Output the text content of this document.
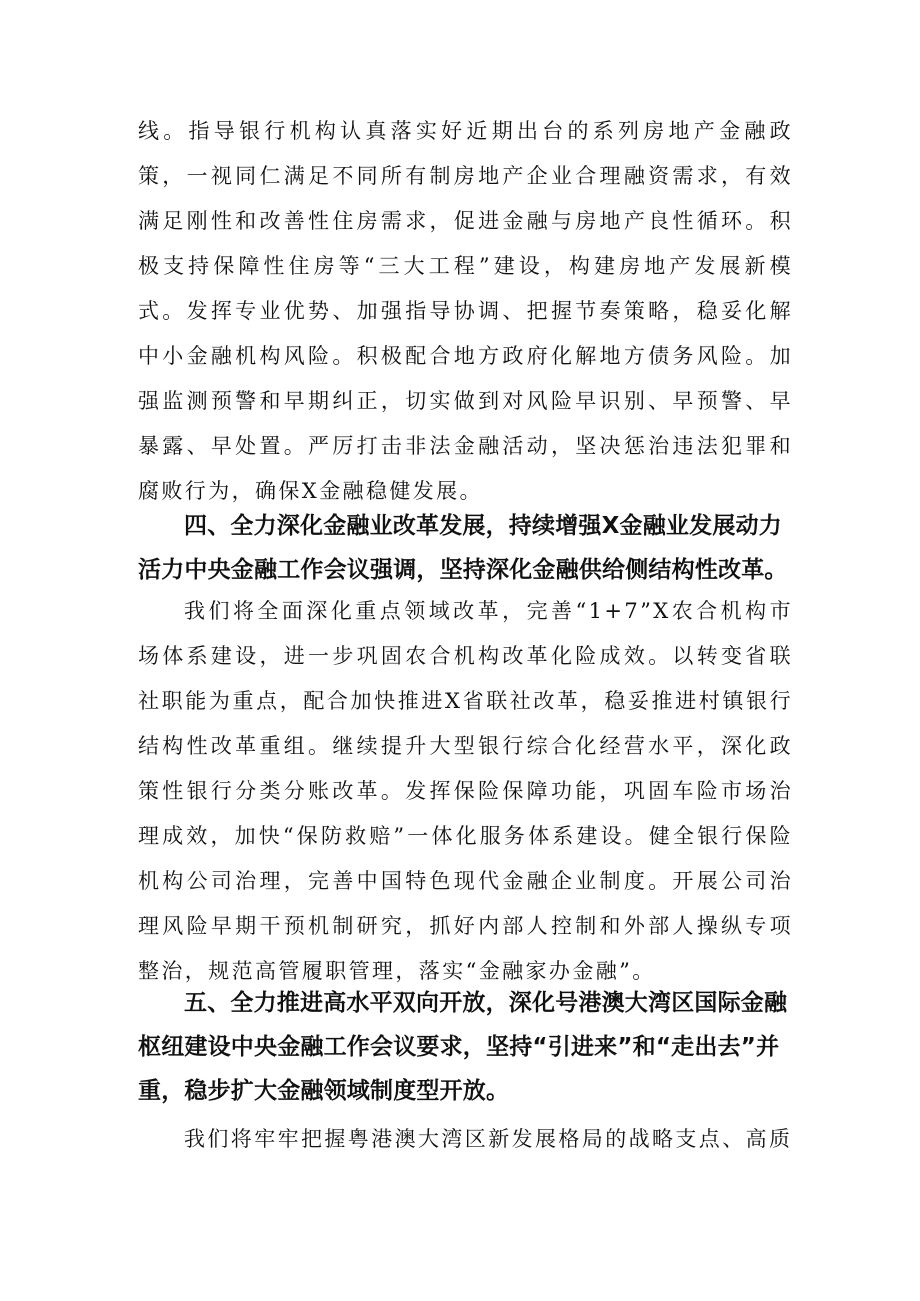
线。指导银行机构认真落实好近期出台的系列房地产金融政策，一视同仁满足不同所有制房地产企业合理融资需求，有效满足刚性和改善性住房需求，促进金融与房地产良性循环。积极支持保障性住房等“三大工程”建设，构建房地产发展新模式。发挥专业优势、加强指导协调、把握节奏策略，稳妥化解中小金融机构风险。积极配合地方政府化解地方债务风险。加强监测预警和早期纠正，切实做到对风险早识别、早预警、早暴露、早处置。严厉打击非法金融活动，坚决惩治违法犯罪和腐败行为，确保X金融稳健发展。

四、全力深化金融业改革发展，持续增强X金融业发展动力活力中央金融工作会议强调，坚持深化金融供给侧结构性改革。

我们将全面深化重点领域改革，完善“1+7”X农合机构市场体系建设，进一步巩固农合机构改革化险成效。以转变省联社职能为重点，配合加快推进X省联社改革，稳妥推进村镇银行结构性改革重组。继续提升大型银行综合化经营水平，深化政策性银行分类分账改革。发挥保险保障功能，巩固车险市场治理成效，加快“保防救赔”一体化服务体系建设。健全银行保险机构公司治理，完善中国特色现代金融企业制度。开展公司治理风险早期干预机制研究，抓好内部人控制和外部人操纵专项整治，规范高管履职管理，落实“金融家办金融”。

五、全力推进高水平双向开放，深化号港澳大湾区国际金融枢纽建设中央金融工作会议要求，坚持“引进来”和“走出去”并重，稳步扩大金融领域制度型开放。

我们将牢牢把握粤港澳大湾区新发展格局的战略支点、高质
